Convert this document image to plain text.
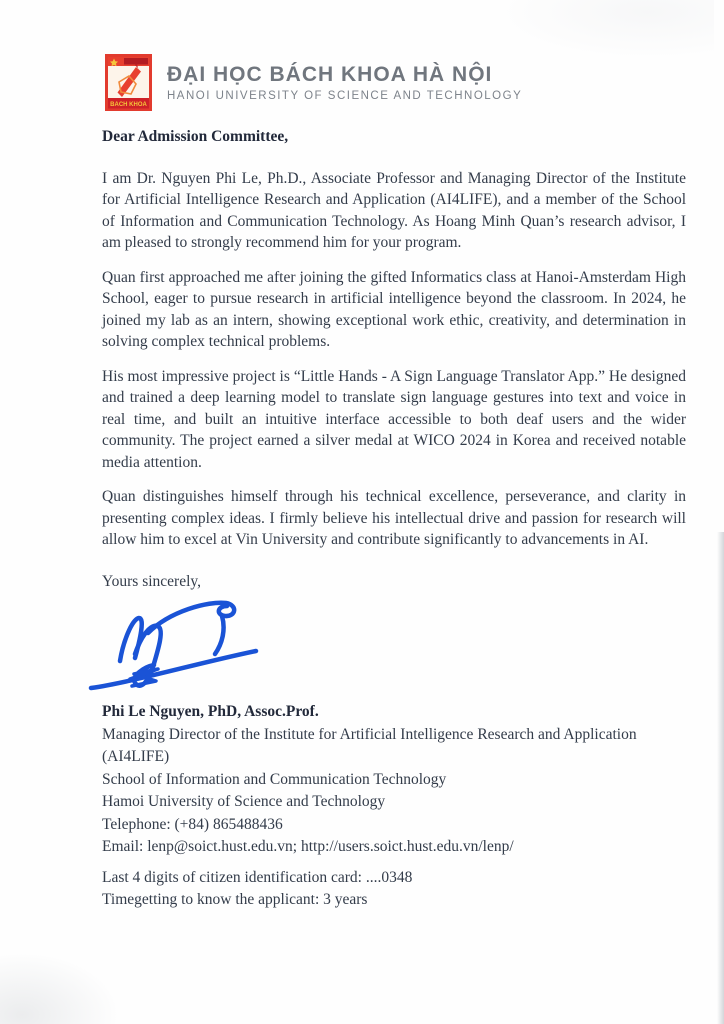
BACH KHOA
ĐẠI HỌC BÁCH KHOA HÀ NỘI
HANOI UNIVERSITY OF SCIENCE AND TECHNOLOGY

Dear Admission Committee,

I am Dr. Nguyen Phi Le, Ph.D., Associate Professor and Managing Director of the Institute for Artificial Intelligence Research and Application (AI4LIFE), and a member of the School of Information and Communication Technology. As Hoang Minh Quan’s research advisor, I am pleased to strongly recommend him for your program.

Quan first approached me after joining the gifted Informatics class at Hanoi-Amsterdam High School, eager to pursue research in artificial intelligence beyond the classroom. In 2024, he joined my lab as an intern, showing exceptional work ethic, creativity, and determination in solving complex technical problems.

His most impressive project is “Little Hands - A Sign Language Translator App.” He designed and trained a deep learning model to translate sign language gestures into text and voice in real time, and built an intuitive interface accessible to both deaf users and the wider community. The project earned a silver medal at WICO 2024 in Korea and received notable media attention.

Quan distinguishes himself through his technical excellence, perseverance, and clarity in presenting complex ideas. I firmly believe his intellectual drive and passion for research will allow him to excel at Vin University and contribute significantly to advancements in AI.

Yours sincerely,

Phi Le Nguyen, PhD, Assoc.Prof.
Managing Director of the Institute for Artificial Intelligence Research and Application (AI4LIFE)
School of Information and Communication Technology
Hamoi University of Science and Technology
Telephone: (+84) 865488436
Email: lenp@soict.hust.edu.vn; http://users.soict.hust.edu.vn/lenp/
Last 4 digits of citizen identification card: ....0348
Timegetting to know the applicant: 3 years
